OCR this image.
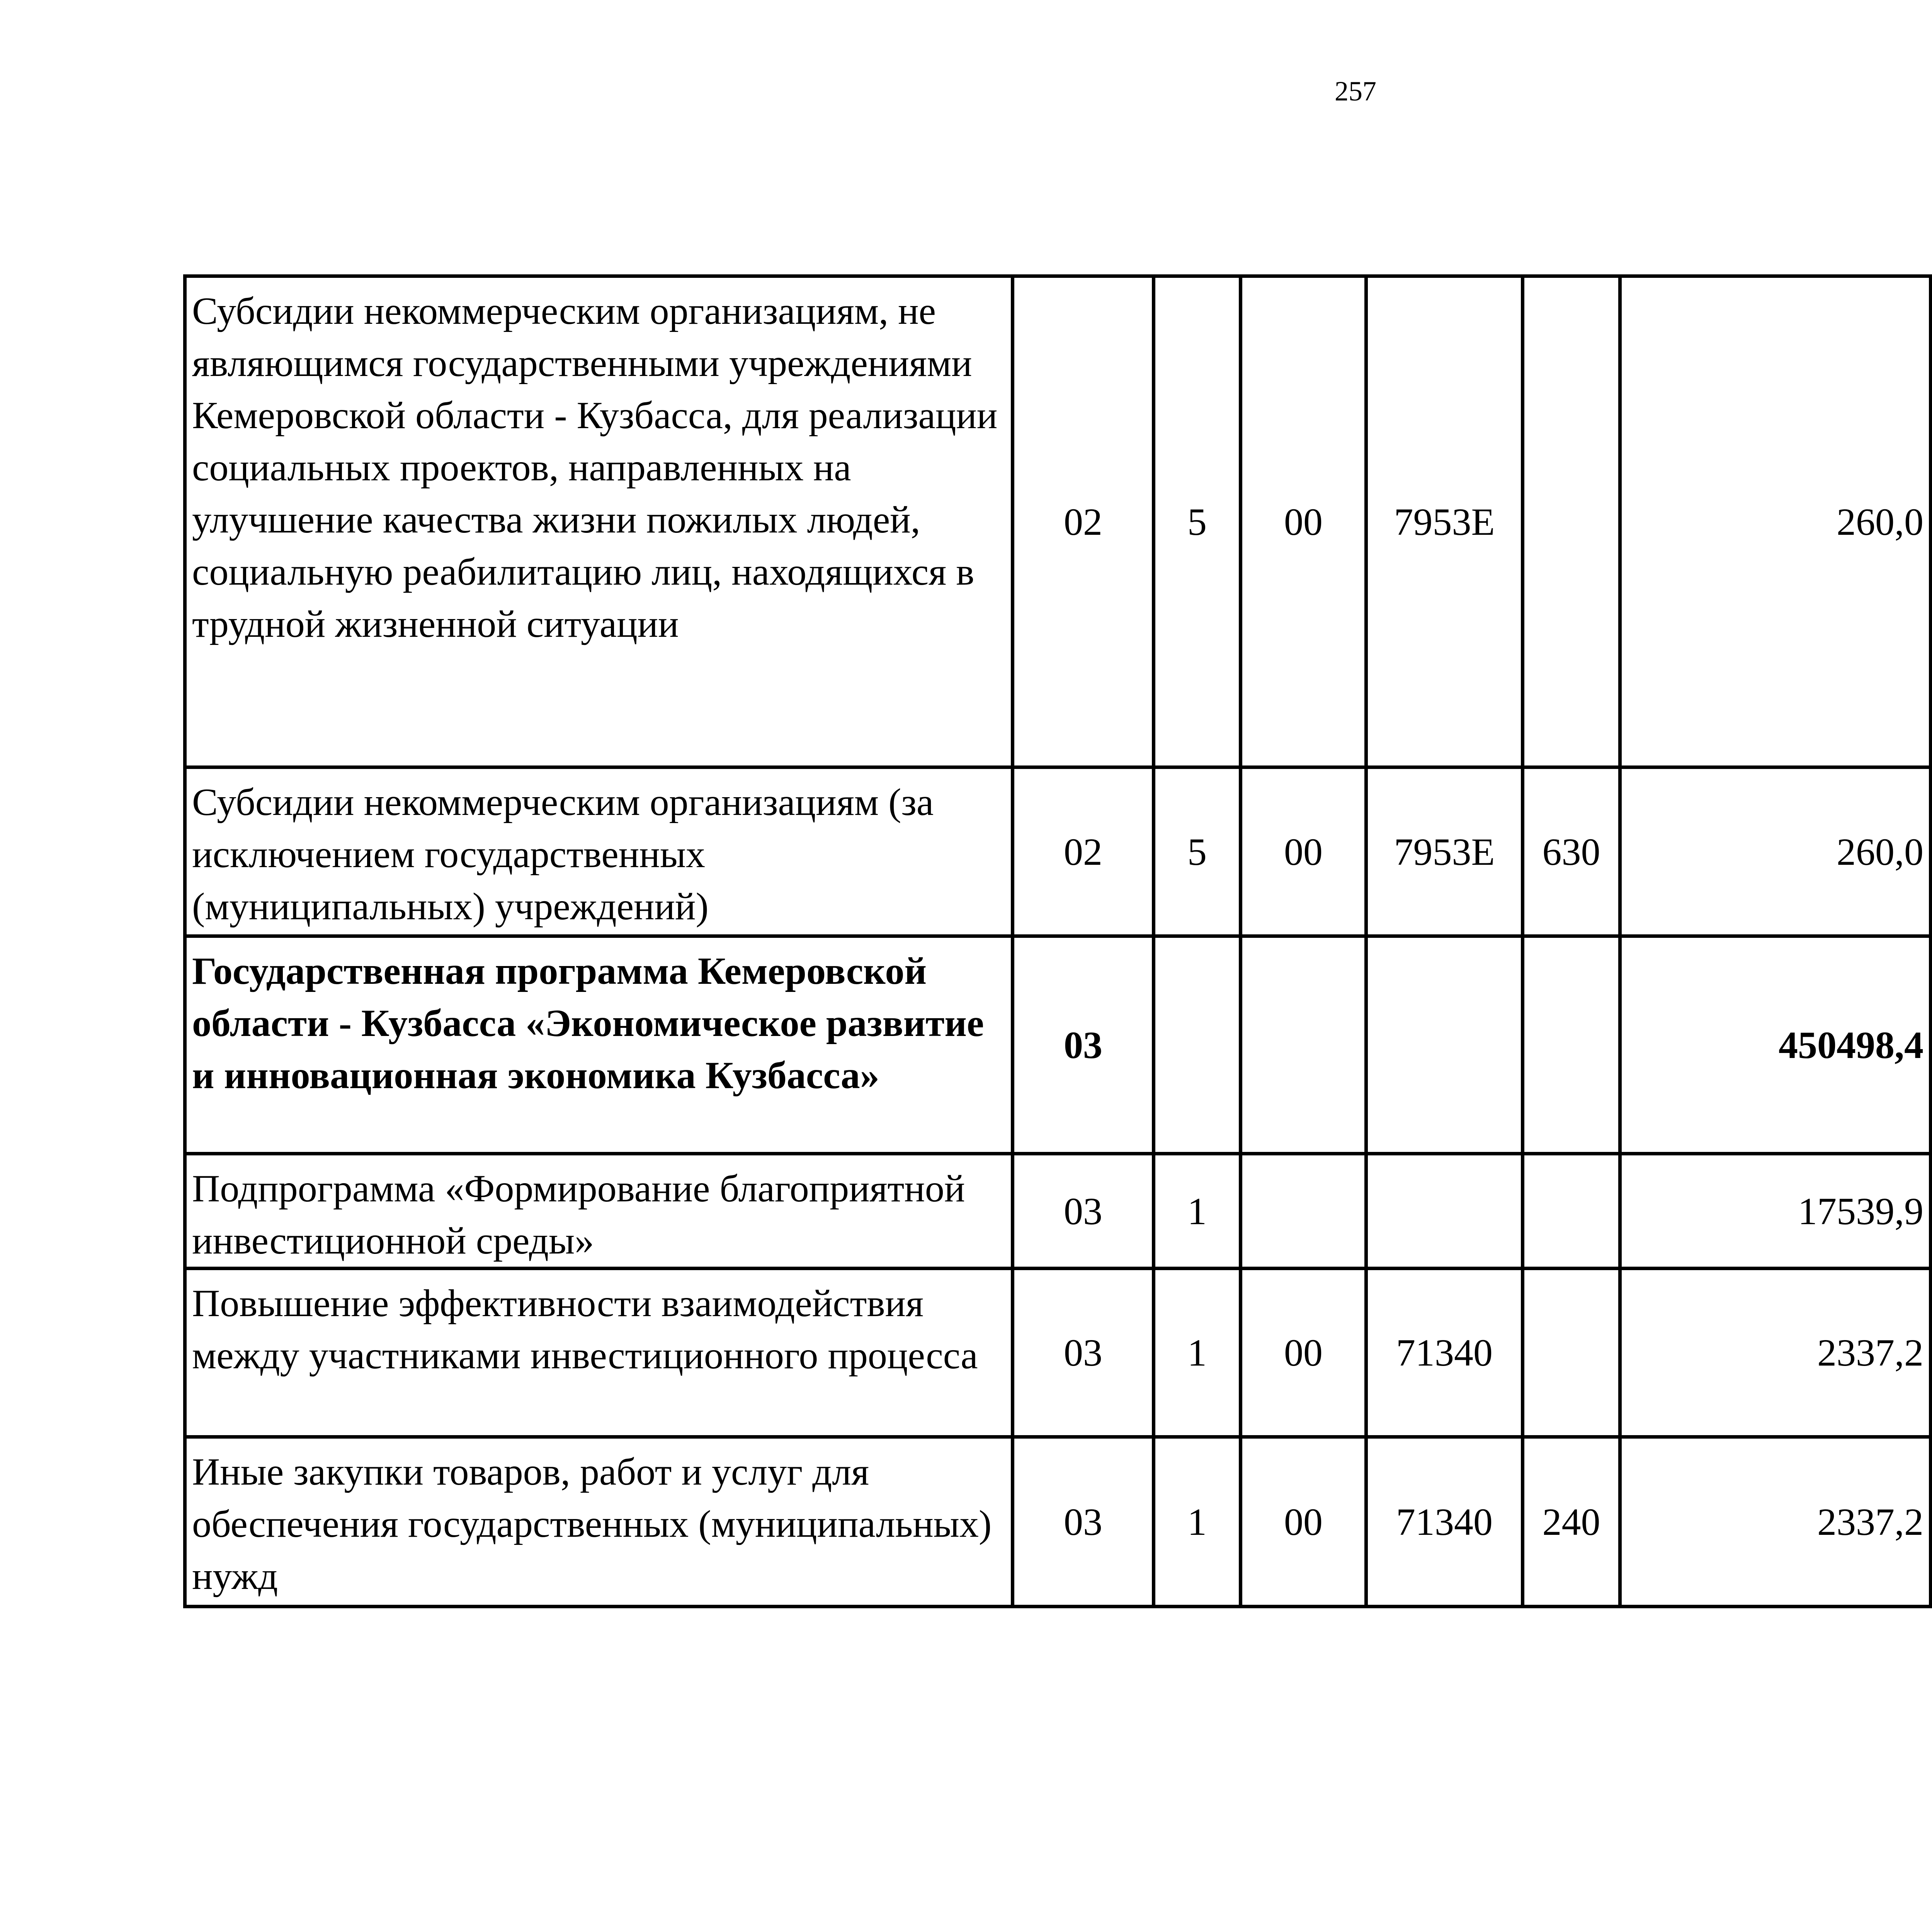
257
Субсидии некоммерческим организациям, не являющимся государственными учреждениями Кемеровской области - Кузбасса, для реализации социальных проектов, направленных на улучшение качества жизни пожилых людей, социальную реабилитацию лиц, находящихся в трудной жизненной ситуации	02	5	00	7953Е		260,0		
Субсидии некоммерческим организациям (за исключением государственных (муниципальных) учреждений)	02	5	00	7953Е	630	260,0		
Государственная программа Кемеровской области - Кузбасса «Экономическое развитие и инновационная экономика Кузбасса»	03					450498,4		
Подпрограмма «Формирование благоприятной инвестиционной среды»	03	1				17539,9		
Повышение эффективности взаимодействия между участниками инвестиционного процесса	03	1	00	71340		2337,2		
Иные закупки товаров, работ и услуг для обеспечения государственных (муниципальных) нужд	03	1	00	71340	240	2337,2		
